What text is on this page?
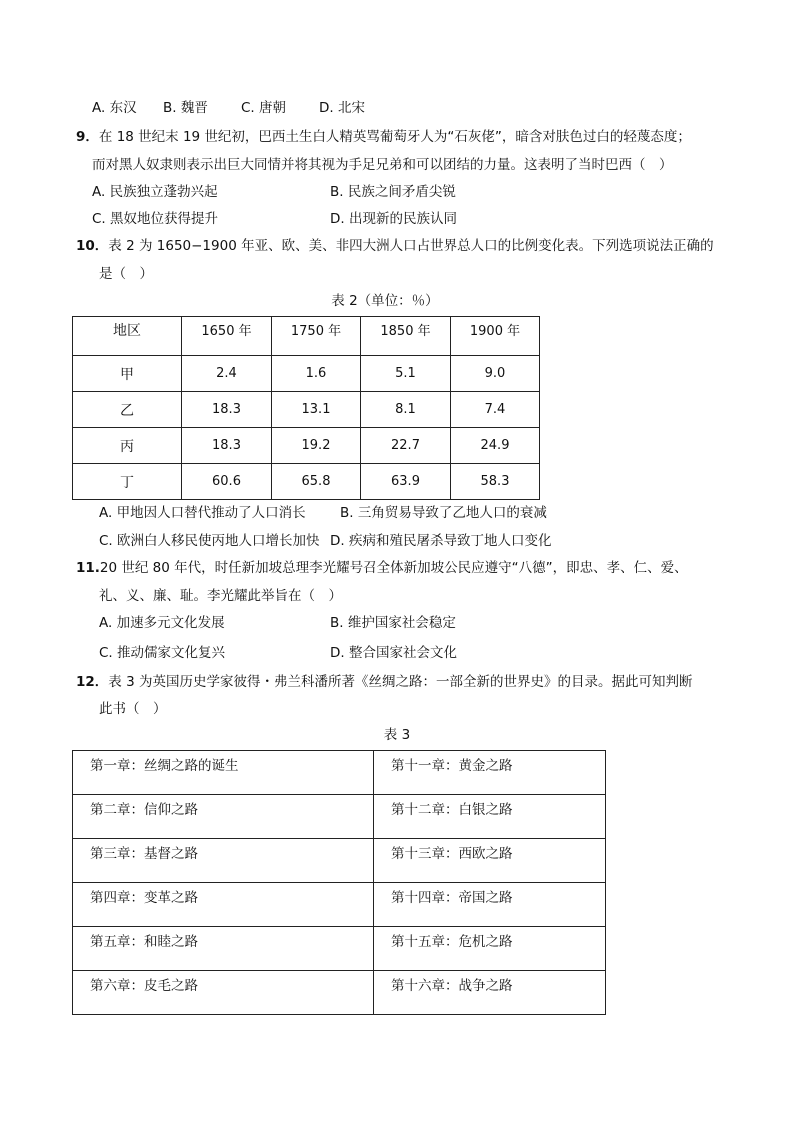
A. 东汉 B. 魏晋 C. 唐朝 D. 北宋
9．在 18 世纪末 19 世纪初，巴西土生白人精英骂葡萄牙人为“石灰佬”，暗含对肤色过白的轻蔑态度；
而对黑人奴隶则表示出巨大同情并将其视为手足兄弟和可以团结的力量。这表明了当时巴西（　）
A. 民族独立蓬勃兴起	B. 民族之间矛盾尖锐
C. 黑奴地位获得提升	D. 出现新的民族认同
10．表 2 为 1650−1900 年亚、欧、美、非四大洲人口占世界总人口的比例变化表。下列选项说法正确的
是（　）
表 2（单位：％）
地区	1650 年	1750 年	1850 年	1900 年
甲	2.4	1.6	5.1	9.0
乙	18.3	13.1	8.1	7.4
丙	18.3	19.2	22.7	24.9
丁	60.6	65.8	63.9	58.3
A. 甲地因人口替代推动了人口消长	B. 三角贸易导致了乙地人口的衰减
C. 欧洲白人移民使丙地人口增长加快 D. 疾病和殖民屠杀导致丁地人口变化
11.20 世纪 80 年代，时任新加坡总理李光耀号召全体新加坡公民应遵守“八德”，即忠、孝、仁、爱、
礼、义、廉、耻。李光耀此举旨在（　）
A. 加速多元文化发展	B. 维护国家社会稳定
C. 推动儒家文化复兴	D. 整合国家社会文化
12．表 3 为英国历史学家彼得・弗兰科潘所著《丝绸之路：一部全新的世界史》的目录。据此可知判断
此书（　）
表 3
第一章：丝绸之路的诞生	第十一章：黄金之路
第二章：信仰之路	第十二章：白银之路
第三章：基督之路	第十三章：西欧之路
第四章：变革之路	第十四章：帝国之路
第五章：和睦之路	第十五章：危机之路
第六章：皮毛之路	第十六章：战争之路
